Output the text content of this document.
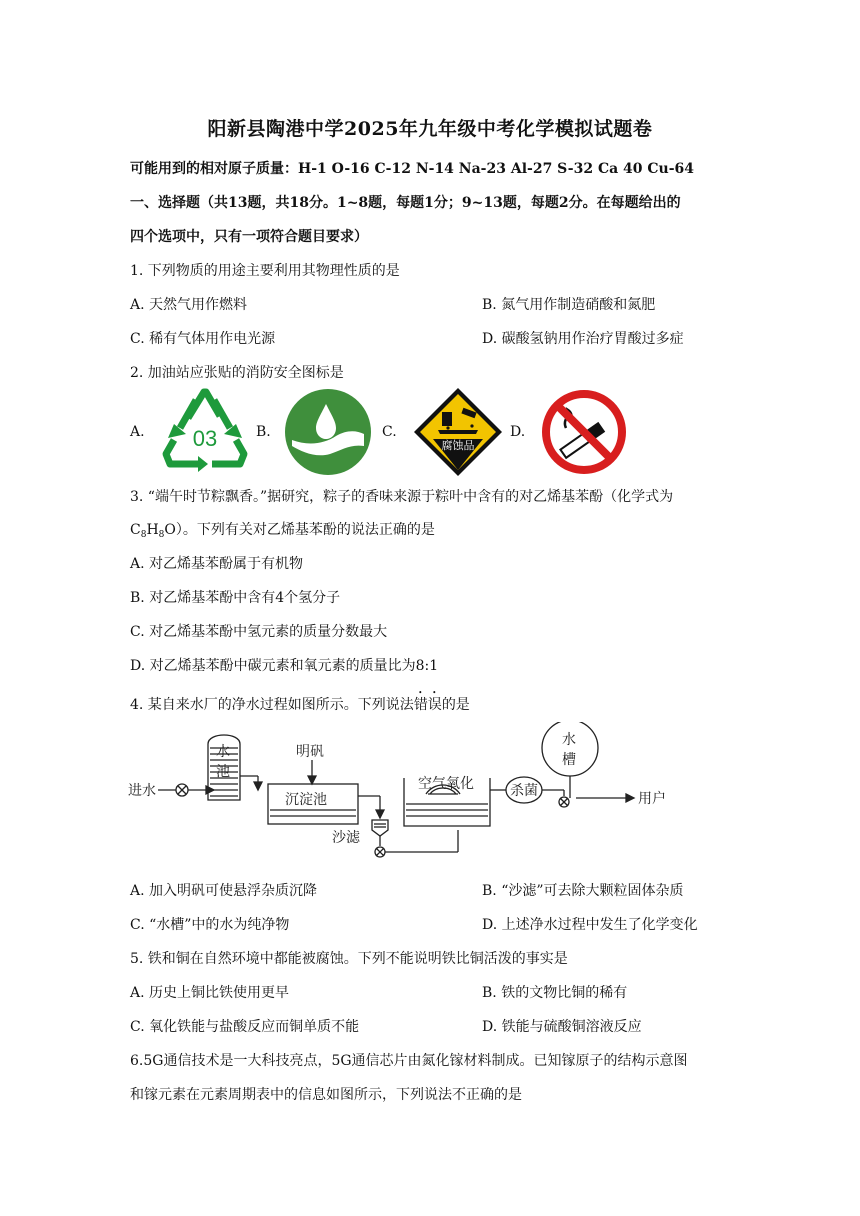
阳新县陶港中学2025年九年级中考化学模拟试题卷
可能用到的相对原子质量：H-1 O-16 C-12 N-14 Na-23 Al-27 S-32 Ca 40 Cu-64
一、选择题（共13题，共18分。1~8题，每题1分；9~13题，每题2分。在每题给出的
四个选项中，只有一项符合题目要求）
1. 下列物质的用途主要利用其物理性质的是
A. 天然气用作燃料	B. 氮气用作制造硝酸和氮肥
C. 稀有气体用作电光源	D. 碳酸氢钠用作治疗胃酸过多症
2. 加油站应张贴的消防安全图标是
A. 03	B.	C.
腐蚀品
D.
3. “端午时节粽飘香。”据研究，粽子的香味来源于粽叶中含有的对乙烯基苯酚（化学式为
$C_8H_8O$）。下列有关对乙烯基苯酚的说法正确的是
A. 对乙烯基苯酚属于有机物
B. 对乙烯基苯酚中含有4个氢分子
C. 对乙烯基苯酚中氢元素的质量分数最大
D. 对乙烯基苯酚中碳元素和氧元素的质量比为8:1
4. 某自来水厂的净水过程如图所示。下列说法错误的是
进水
水
池
明矾
沉淀池
沙滤
空气氧化	杀菌
水
槽
用户
A. 加入明矾可使悬浮杂质沉降	B. “沙滤”可去除大颗粒固体杂质
C. “水槽”中的水为纯净物	D. 上述净水过程中发生了化学变化
5. 铁和铜在自然环境中都能被腐蚀。下列不能说明铁比铜活泼的事实是
A. 历史上铜比铁使用更早	B. 铁的文物比铜的稀有
C. 氧化铁能与盐酸反应而铜单质不能	D. 铁能与硫酸铜溶液反应
6.5G通信技术是一大科技亮点，5G通信芯片由氮化镓材料制成。已知镓原子的结构示意图
和镓元素在元素周期表中的信息如图所示，下列说法不正确的是
